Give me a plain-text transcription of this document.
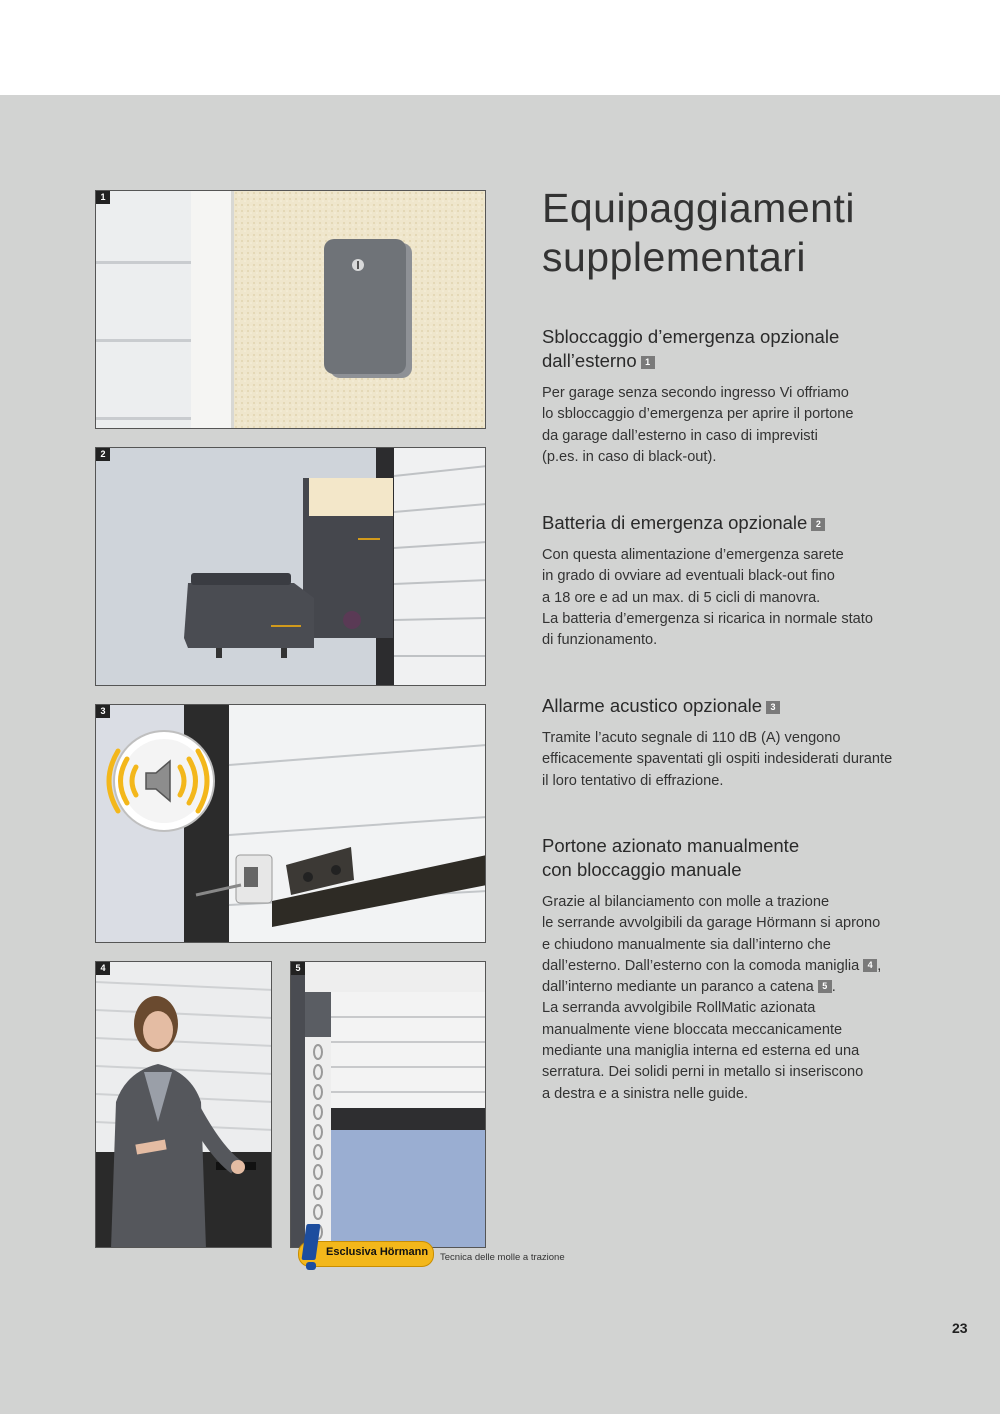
1
2
3
4	5
Equipaggiamenti
supplementari
Sbloccaggio d’emergenza opzionale
dall’esterno 1

Per garage senza secondo ingresso Vi offriamo
lo sbloccaggio d’emergenza per aprire il portone
da garage dall’esterno in caso di imprevisti
(p.es. in caso di black-out).

Batteria di emergenza opzionale 2

Con questa alimentazione d’emergenza sarete
in grado di ovviare ad eventuali black-out fino
a 18 ore e ad un max. di 5 cicli di manovra.
La batteria d’emergenza si ricarica in normale stato
di funzionamento.

Allarme acustico opzionale 3

Tramite l’acuto segnale di 110 dB (A) vengono
efficacemente spaventati gli ospiti indesiderati durante
il loro tentativo di effrazione.

Portone azionato manualmente
con bloccaggio manuale

Grazie al bilanciamento con molle a trazione
le serrande avvolgibili da garage Hörmann si aprono
e chiudono manualmente sia dall’interno che
dall’esterno. Dall’esterno con la comoda maniglia 4 ,
dall’interno mediante un paranco a catena 5 .
La serranda avvolgibile RollMatic azionata
manualmente viene bloccata meccanicamente
mediante una maniglia interna ed esterna ed una
serratura. Dei solidi perni in metallo si inseriscono
a destra e a sinistra nelle guide.

Esclusiva Hörmann Tecnica delle molle a trazione
23
